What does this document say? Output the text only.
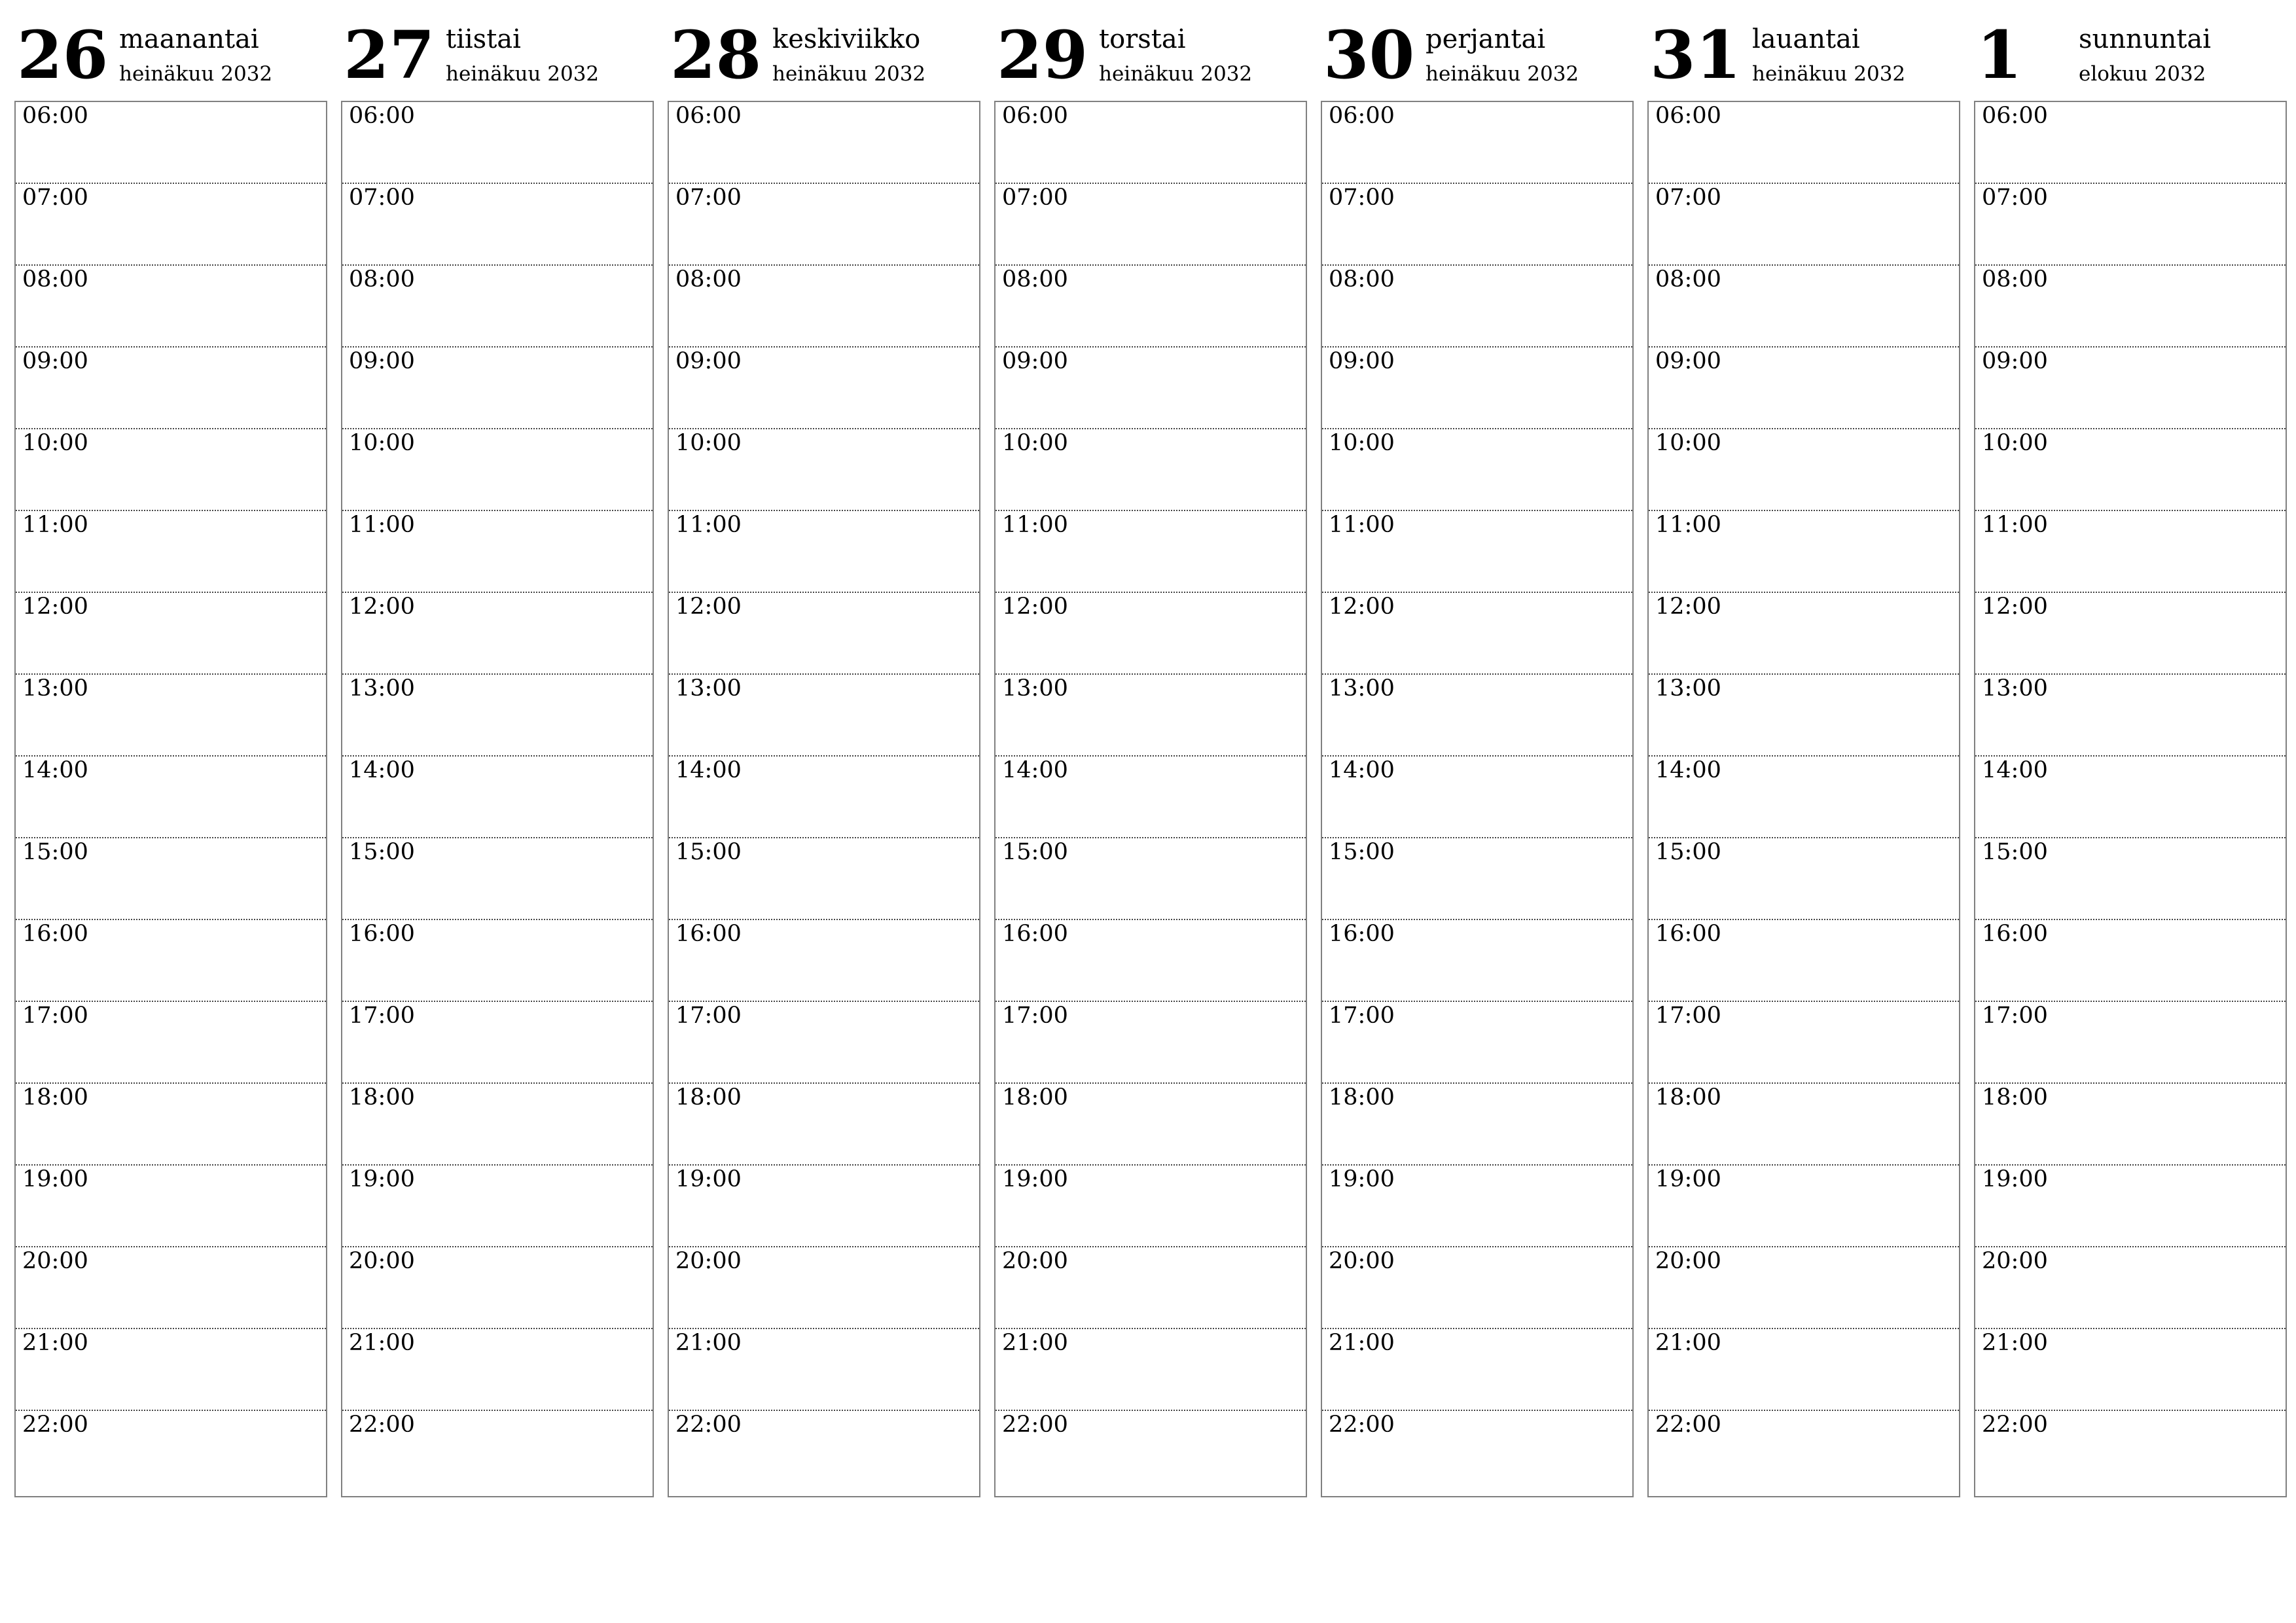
26 maanantai
heinäkuu 2032
06:00
07:00
08:00
09:00
10:00
11:00
12:00
13:00
14:00
15:00
16:00
17:00
18:00
19:00
20:00
21:00
22:00
27 tiistai
heinäkuu 2032
06:00
07:00
08:00
09:00
10:00
11:00
12:00
13:00
14:00
15:00
16:00
17:00
18:00
19:00
20:00
21:00
22:00
28 keskiviikko
heinäkuu 2032
06:00
07:00
08:00
09:00
10:00
11:00
12:00
13:00
14:00
15:00
16:00
17:00
18:00
19:00
20:00
21:00
22:00
29 torstai
heinäkuu 2032
06:00
07:00
08:00
09:00
10:00
11:00
12:00
13:00
14:00
15:00
16:00
17:00
18:00
19:00
20:00
21:00
22:00
30 perjantai
heinäkuu 2032
06:00
07:00
08:00
09:00
10:00
11:00
12:00
13:00
14:00
15:00
16:00
17:00
18:00
19:00
20:00
21:00
22:00
31 lauantai
heinäkuu 2032
06:00
07:00
08:00
09:00
10:00
11:00
12:00
13:00
14:00
15:00
16:00
17:00
18:00
19:00
20:00
21:00
22:00
1 sunnuntai
elokuu 2032
06:00
07:00
08:00
09:00
10:00
11:00
12:00
13:00
14:00
15:00
16:00
17:00
18:00
19:00
20:00
21:00
22:00
